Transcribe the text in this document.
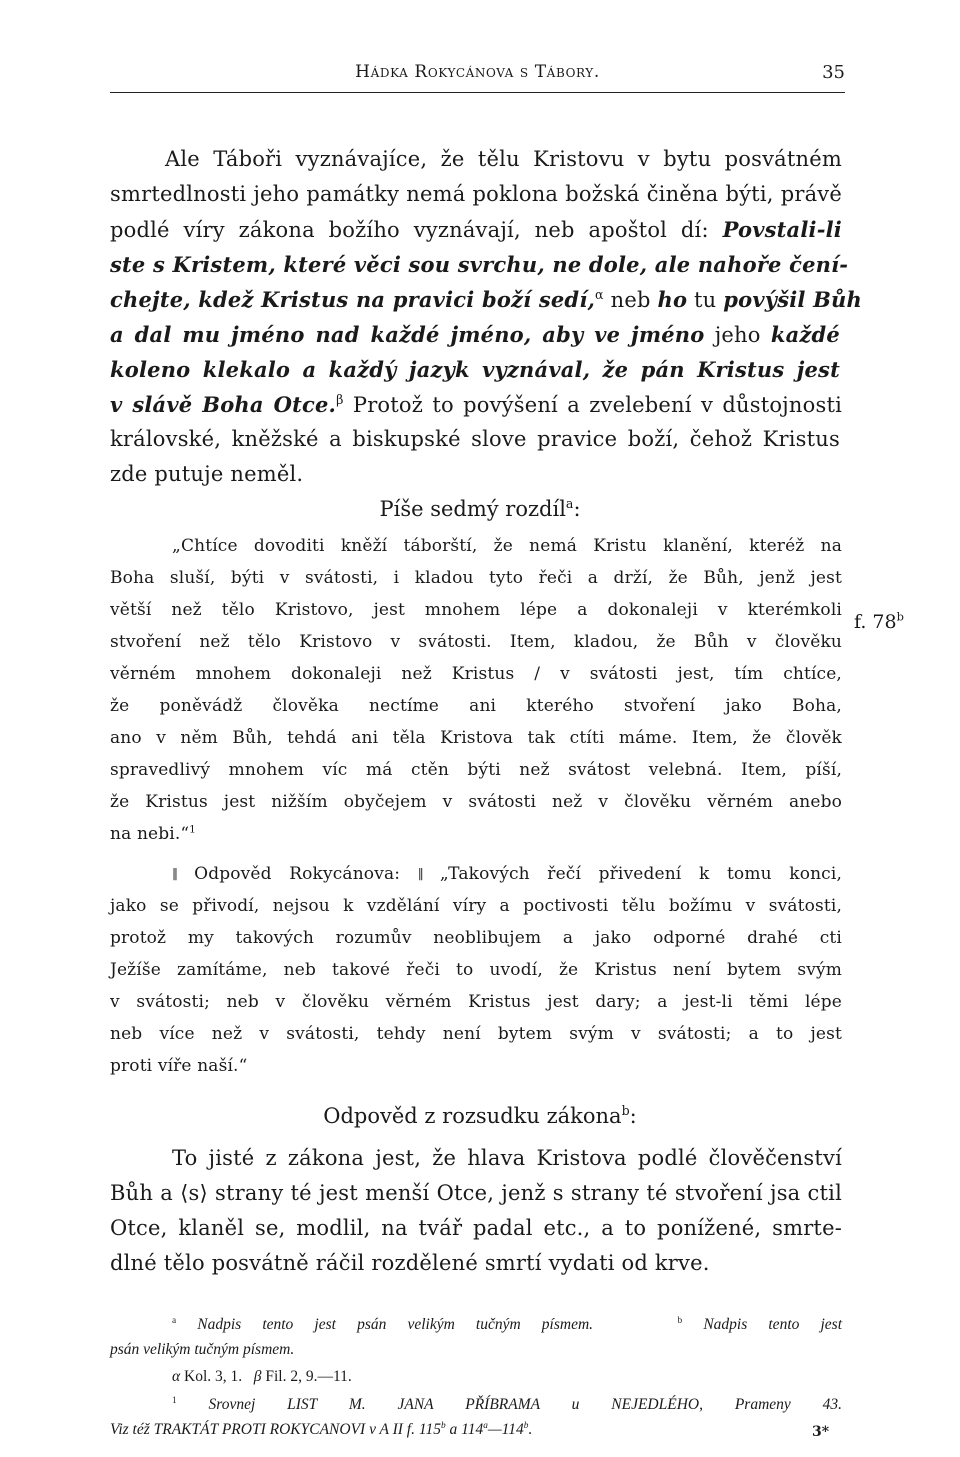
Hádka Rokycánova s Tábory.	35
Ale Táboři vyznávajíce, že tělu Kristovu v bytu posvátném
smrtedlnosti jeho památky nemá poklona božská činěna býti, právě
podlé víry zákona božího vyznávají, neb apoštol dí: Povstali-li
ste s Kristem, které věci sou svrchu, ne dole, ale nahoře čení-
chejte, kdež Kristus na pravici boží sedí,$^\alpha$ neb ho tu povýšil Bůh
a dal mu jméno nad každé jméno, aby ve jméno jeho každé
koleno klekalo a každý jazyk vyznával, že pán Kristus jest
v slávě Boha Otce.$^\beta$ Protož to povýšení a zvelebení v důstojnosti
královské, kněžské a biskupské slove pravice boží, čehož Kristus
zde putuje neměl.
Píše sedmý rozdíl$^a$:
„Chtíce dovoditi kněží táborští, že nemá Kristu klanění, kteréž na
Boha sluší, býti v svátosti, i kladou tyto řeči a drží, že Bůh, jenž jest
větší než tělo Kristovo, jest mnohem lépe a dokonaleji v kterémkoli
stvoření než tělo Kristovo v svátosti. Item, kladou, že Bůh v člověku
věrném mnohem dokonaleji než Kristus / v svátosti jest, tím chtíce,
že poněvádž člověka nectíme ani kterého stvoření jako Boha,
ano v něm Bůh, tehdá ani těla Kristova tak ctíti máme. Item, že člověk
spravedlivý mnohem víc má ctěn býti než svátost velebná. Item, píší,
že Kristus jest nižším obyčejem v svátosti než v člověku věrném anebo
na nebi.“$^1$
f. 78$^b$
‖ Odpověd Rokycánova: ‖ „Takových řečí přivedení k tomu konci,
jako se přivodí, nejsou k vzdělání víry a poctivosti tělu božímu v svátosti,
protož my takových rozumův neoblibujem a jako odporné drahé cti
Ježíše zamítáme, neb takové řeči to uvodí, že Kristus není bytem svým
v svátosti; neb v člověku věrném Kristus jest dary; a jest-li těmi lépe
neb více než v svátosti, tehdy není bytem svým v svátosti; a to jest
proti víře naší.“
Odpověd z rozsudku zákona$^b$:
To jisté z zákona jest, že hlava Kristova podlé člověčenství
Bůh a ⟨s⟩ strany té jest menší Otce, jenž s strany té stvoření jsa ctil
Otce, klaněl se, modlil, na tvář padal etc., a to ponížené, smrte-
dlné tělo posvátně ráčil rozdělené smrtí vydati od krve.
$^a$ Nadpis tento jest psán velikým tučným písmem.	$^b$ Nadpis tento jest
psán velikým tučným písmem.
α Kol. 3, 1. β Fil. 2, 9.—11.
$^1$ Srovnej LIST M. JANA PŘÍBRAMA u NEJEDLÉHO, Prameny 43.
Viz též TRAKTÁT PROTI ROKYCANOVI v A II f. 115$^b$ a 114$^a$—114$^b$.	3*
